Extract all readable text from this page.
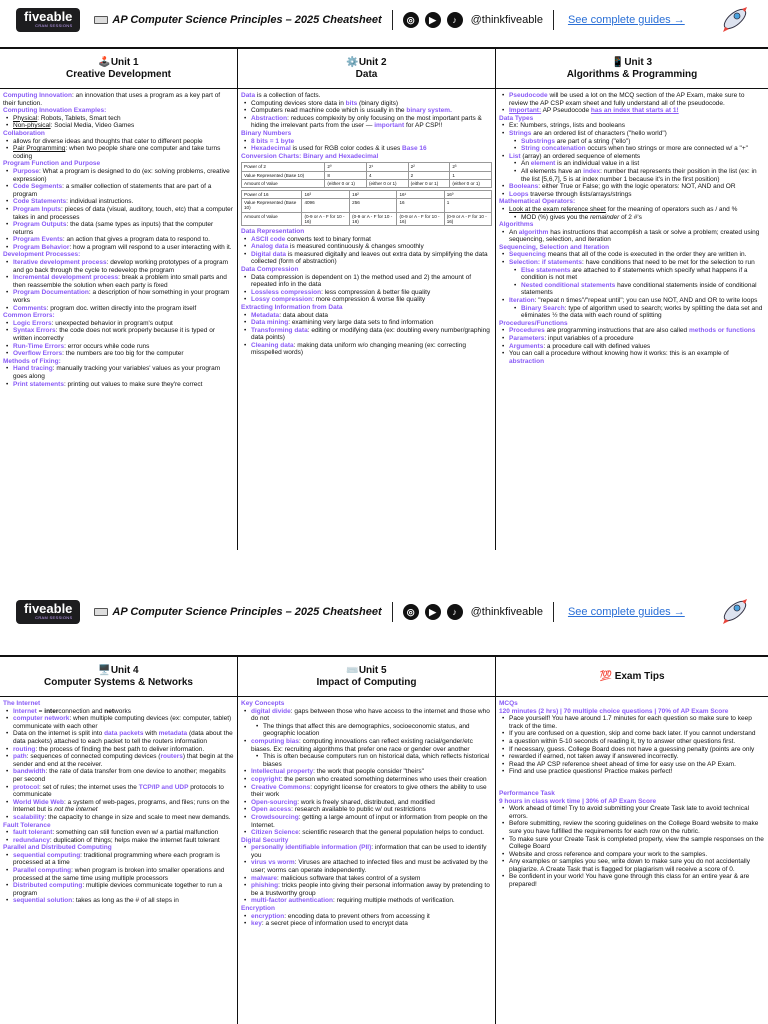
fiveable
CRAM SESSIONS	AP Computer Science Principles – 2025 Cheatsheet	◎	▶	♪	@thinkfiveable See complete guides →
🕹️Unit 1
Creative Development
Computing Innovation: an innovation that uses a program as a key part of their function.
Computing Innovation Examples:
• Physical: Robots, Tablets, Smart tech
• Non-physical: Social Media, Video Games
Collaboration
• allows for diverse ideas and thoughts that cater to different people
• Pair Programming: when two people share one computer and take turns coding
Program Function and Purpose
• Purpose: What a program is designed to do (ex: solving problems, creative expression)
• Code Segments: a smaller collection of statements that are part of a program
• Code Statements: individual instructions.
• Program Inputs: pieces of data (visual, auditory, touch, etc) that a computer takes in and processes
• Program Outputs: the data (same types as inputs) that the computer returns
• Program Events: an action that gives a program data to respond to.
• Program Behavior: how a program will respond to a user interacting with it.
Development Processes:
• Iterative development process: develop working prototypes of a program and go back through the cycle to redevelop the program
• Incremental development process: break a problem into small parts and then reassemble the solution when each party is fixed
• Program Documentation: a description of how something in your program works
• Comments: program doc. written directly into the program itself
Common Errors:
• Logic Errors: unexpected behavior in program's output
• Syntax Errors: the code does not work properly because it is typed or written incorrectly
• Run-Time Errors: error occurs while code runs
• Overflow Errors: the numbers are too big for the computer
Methods of Fixing:
• Hand tracing: manually tracking your variables' values as your program goes along
• Print statements: printing out values to make sure they're correct
⚙️Unit 2
Data
Data is a collection of facts.
• Computing devices store data in bits (binary digits)
• Computers read machine code which is usually in the binary system.
• Abstraction: reduces complexity by only focusing on the most important parts & hiding the irrelevant parts from the user — important for AP CSP!!
Binary Numbers
• 8 bits = 1 byte
• Hexadecimal is used for RGB color codes & it uses Base 16
Conversion Charts: Binary and Hexadecimal
Power of 2	2⁰	2¹	2²	2³
Value Represented (Base 10)	8	4	2	1
Amount of Value	(either 0 or 1)	(either 0 or 1)	(either 0 or 1)	(either 0 or 1)
Power of 16	16³	16²	16¹	16⁰
Value Represented (Base 10)	4096	256	16	1
Amount of Value	(0-9 or A - F for 10 - 16)	(0-9 or A - F for 10 - 16)	(0-9 or A - F for 10 - 16)	(0-9 or A - F for 10 - 16)
Data Representation
• ASCII code converts text to binary format
• Analog data is measured continuously & changes smoothly
• Digital data is measured digitally and leaves out extra data by simplifying the data collected (form of abstraction)
Data Compression
• Data compression is dependent on 1) the method used and 2) the amount of repeated info in the data
• Lossless compression: less compression & better file quality
• Lossy compression: more compression & worse file quality
Extracting Information from Data
• Metadata: data about data
• Data mining: examining very large data sets to find information
• Transforming data: editing or modifying data (ex: doubling every number/graphing data points)
• Cleaning data: making data uniform w/o changing meaning (ex: correcting misspelled words)
📱Unit 3
Algorithms & Programming
• Pseudocode will be used a lot on the MCQ section of the AP Exam, make sure to review the AP CSP exam sheet and fully understand all of the pseudocode.
• Important: AP Pseudocode has an index that starts at 1!
Data Types
• Ex: Numbers, strings, lists and booleans
• Strings are an ordered list of characters ("hello world")
• Substrings are part of a string ("ello")
• String concatenation occurs when two strings or more are connected w/ a "+"
• List (array) an ordered sequence of elements
• An element is an individual value in a list
• All elements have an index: number that represents their position in the list (ex: in the list [5,6,7], 5 is at index number 1 because it's in the first position)
• Booleans: either True or False; go with the logic operators: NOT, AND and OR
• Loops traverse through lists/arrays/strings
Mathematical Operators:
• Look at the exam reference sheet for the meaning of operators such as / and %
• MOD (%) gives you the remainder of 2 #'s
Algorithms
• An algorithm has instructions that accomplish a task or solve a problem; created using sequencing, selection, and iteration
Sequencing, Selection and Iteration
• Sequencing means that all of the code is executed in the order they are written in.
• Selection: if statements: have conditions that need to be met for the selection to run
• Else statements are attached to if statements which specify what happens if a condition is not met
• Nested conditional statements have conditional statements inside of conditional statements
• Iteration: "repeat n times"/"repeat until"; you can use NOT, AND and OR to write loops
• Binary Search: type of algorithm used to search; works by splitting the data set and eliminates ½ the data with each round of splitting
Procedures/Functions
• Procedures are programming instructions that are also called methods or functions
• Parameters: input variables of a procedure
• Arguments: a procedure call with defined values
• You can call a procedure without knowing how it works: this is an example of abstraction
fiveable
CRAM SESSIONS	AP Computer Science Principles – 2025 Cheatsheet	◎	▶	♪	@thinkfiveable See complete guides →
🖥️Unit 4
Computer Systems & Networks
The Internet
• Internet = interconnection and networks
• computer network: when multiple computing devices (ex: computer, tablet) communicate with each other
• Data on the internet is split into data packets with metadata (data about the data packets) attached to each packet to tell the routers information
• routing: the process of finding the best path to deliver information.
• path: sequences of connected computing devices (routers) that begin at the sender and end at the receiver.
• bandwidth: the rate of data transfer from one device to another; megabits per second
• protocol: set of rules; the internet uses the TCP/IP and UDP protocols to communicate
• World Wide Web: a system of web-pages, programs, and files; runs on the Internet but is not the internet
• scalability: the capacity to change in size and scale to meet new demands.
Fault Tolerance
• fault tolerant: something can still function even w/ a partial malfunction
• redundancy: duplication of things; helps make the internet fault tolerant
Parallel and Distributed Computing
• sequential computing: traditional programming where each program is processed at a time
• Parallel computing: when program is broken into smaller operations and processed at the same time using multiple processors
• Distributed computing: multiple devices communicate together to run a program
• sequential solution: takes as long as the # of all steps in
⌨️Unit 5
Impact of Computing
Key Concepts
• digital divide: gaps between those who have access to the internet and those who do not
• The things that affect this are demographics, socioeconomic status, and geographic location
• computing bias: computing innovations can reflect existing racial/gender/etc biases. Ex: recruiting algorithms that prefer one race or gender over another
• This is often because computers run on historical data, which reflects historical biases
• Intellectual property: the work that people consider "theirs"
• copyright: the person who created something determines who uses their creation
• Creative Commons: copyright license for creators to give others the ability to use their work
• Open-sourcing: work is freely shared, distributed, and modified
• Open access: research available to public w/ out restrictions
• Crowdsourcing: getting a large amount of input or information from people on the Internet.
• Citizen Science: scientific research that the general population helps to conduct.
Digital Security
• personally identifiable information (PII): information that can be used to identify you
• virus vs worm: Viruses are attached to infected files and must be activated by the user; worms can operate independently.
• malware: malicious software that takes control of a system
• phishing: tricks people into giving their personal information away by pretending to be a trustworthy group
• multi-factor authentication: requiring multiple methods of verification.
Encryption
• encryption: encoding data to prevent others from accessing it
• key: a secret piece of information used to encrypt data
💯 Exam Tips
MCQs
120 minutes (2 hrs) | 70 multiple choice questions | 70% of AP Exam Score
• Pace yourself! You have around 1.7 minutes for each question so make sure to keep track of the time.
• If you are confused on a question, skip and come back later. If you cannot understand
• a question within 5-10 seconds of reading it, try to answer other questions first.
• If necessary, guess. College Board does not have a guessing penalty (points are only
• rewarded if earned, not taken away if answered incorrectly.
• Read the AP CSP reference sheet ahead of time for easy use on the AP Exam.
• Find and use practice questions! Practice makes perfect!
Performance Task
9 hours in class work time | 30% of AP Exam Score
• Work ahead of time! Try to avoid submitting your Create Task late to avoid technical errors.
• Before submitting, review the scoring guidelines on the College Board website to make sure you have fulfilled the requirements for each row on the rubric.
• To make sure your Create Task is completed properly, view the sample responses on the College Board
• Website and cross reference and compare your work to the samples.
• Any examples or samples you see, write down to make sure you do not accidentally plagiarize. A Create Task that is flagged for plagiarism will receive a score of 0.
• Be confident in your work! You have gone through this class for an entire year & are prepared!
